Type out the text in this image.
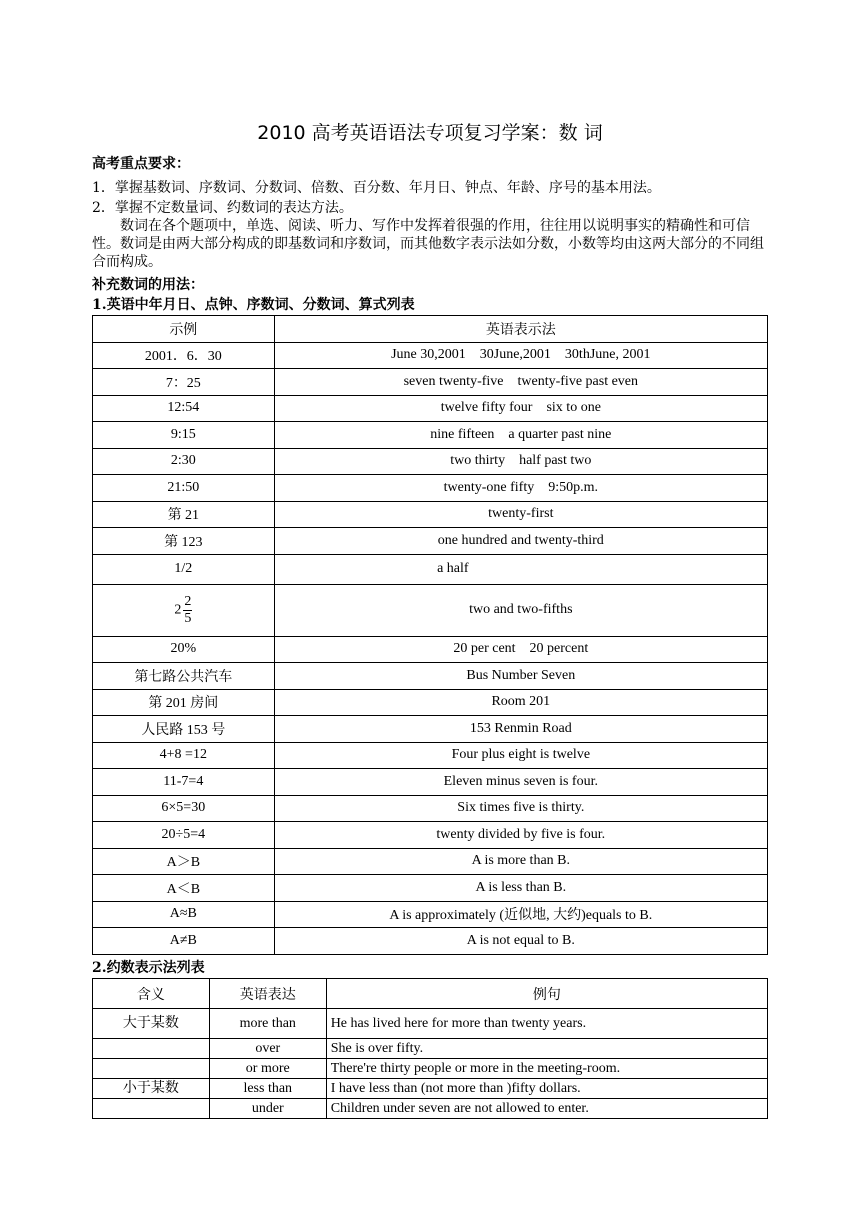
2010 高考英语语法专项复习学案：数 词
高考重点要求：
1．掌握基数词、序数词、分数词、倍数、百分数、年月日、钟点、年龄、序号的基本用法。
2．掌握不定数量词、约数词的表达方法。
数词在各个题项中，单选、阅读、听力、写作中发挥着很强的作用，往往用以说明事实的精确性和可信性。数词是由两大部分构成的即基数词和序数词，而其他数字表示法如分数，小数等均由这两大部分的不同组合而构成。
补充数词的用法：
1.英语中年月日、点钟、序数词、分数词、算式列表
示例	英语表示法
2001．6．30	June 30,2001    30June,2001    30thJune, 2001
7：25	seven twenty-five    twenty-five past even
12:54	twelve fifty four    six to one
9:15	nine fifteen    a quarter past nine
2:30	two thirty    half past two
21:50	twenty-one fifty    9:50p.m.
第 21	twenty-first
第 123	one hundred and twenty-third
1/2	a half
$2 \frac{2}{5}$	two and two-fifths
20%	20 per cent    20 percent
第七路公共汽车	Bus Number Seven
第 201 房间	Room 201
人民路 153 号	153 Renmin Road
4+8 =12	Four plus eight is twelve
11-7=4	Eleven minus seven is four.
6×5=30	Six times five is thirty.
20÷5=4	twenty divided by five is four.
A＞B	A is more than B.
A＜B	A is less than B.
A≈B	A is approximately (近似地, 大约)equals to B.
A≠B	A is not equal to B.
2.约数表示法列表
含义	英语表达	例句
大于某数	more than	He has lived here for more than twenty years.
	over	She is over fifty.
	or more	There're thirty people or more in the meeting-room.
小于某数	less than	I have less than (not more than )fifty dollars.
	under	Children under seven are not allowed to enter.
